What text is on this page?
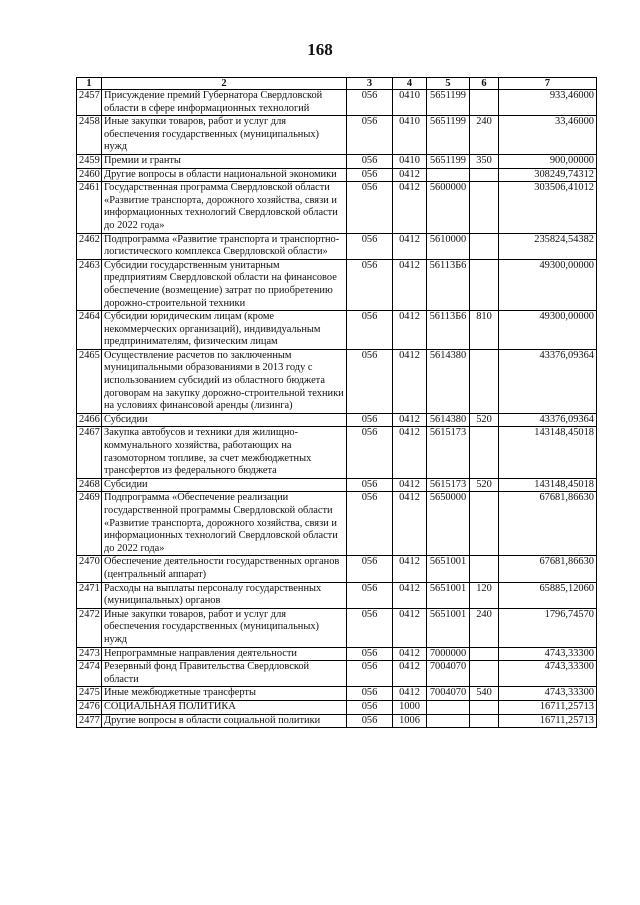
168
1	2	3	4	5	6	7
2457	Присуждение премий Губернатора Свердловской области в сфере информационных технологий	056	0410	5651199		933,46000
2458	Иные закупки товаров, работ и услуг для обеспечения государственных (муниципальных) нужд	056	0410	5651199	240	33,46000
2459	Премии и гранты	056	0410	5651199	350	900,00000
2460	Другие вопросы в области национальной экономики	056	0412			308249,74312
2461	Государственная программа Свердловской области «Развитие транспорта, дорожного хозяйства, связи и информационных технологий Свердловской области до 2022 года»	056	0412	5600000		303506,41012
2462	Подпрограмма «Развитие транспорта и транспортно-логистического комплекса Свердловской области»	056	0412	5610000		235824,54382
2463	Субсидии государственным унитарным предприятиям Свердловской области на финансовое обеспечение (возмещение) затрат по приобретению дорожно-строительной техники	056	0412	56113Б6		49300,00000
2464	Субсидии юридическим лицам (кроме некоммерческих организаций), индивидуальным предпринимателям, физическим лицам	056	0412	56113Б6	810	49300,00000
2465	Осуществление расчетов по заключенным муниципальными образованиями в 2013 году с использованием субсидий из областного бюджета договорам на закупку дорожно-строительной техники на условиях финансовой аренды (лизинга)	056	0412	5614380		43376,09364
2466	Субсидии	056	0412	5614380	520	43376,09364
2467	Закупка автобусов и техники для жилищно-коммунального хозяйства, работающих на газомоторном топливе, за счет межбюджетных трансфертов из федерального бюджета	056	0412	5615173		143148,45018
2468	Субсидии	056	0412	5615173	520	143148,45018
2469	Подпрограмма «Обеспечение реализации государственной программы Свердловской области «Развитие транспорта, дорожного хозяйства, связи и информационных технологий Свердловской области до 2022 года»	056	0412	5650000		67681,86630
2470	Обеспечение деятельности государственных органов (центральный аппарат)	056	0412	5651001		67681,86630
2471	Расходы на выплаты персоналу государственных (муниципальных) органов	056	0412	5651001	120	65885,12060
2472	Иные закупки товаров, работ и услуг для обеспечения государственных (муниципальных) нужд	056	0412	5651001	240	1796,74570
2473	Непрограммные направления деятельности	056	0412	7000000		4743,33300
2474	Резервный фонд Правительства Свердловской области	056	0412	7004070		4743,33300
2475	Иные межбюджетные трансферты	056	0412	7004070	540	4743,33300
2476	СОЦИАЛЬНАЯ ПОЛИТИКА	056	1000			16711,25713
2477	Другие вопросы в области социальной политики	056	1006			16711,25713
